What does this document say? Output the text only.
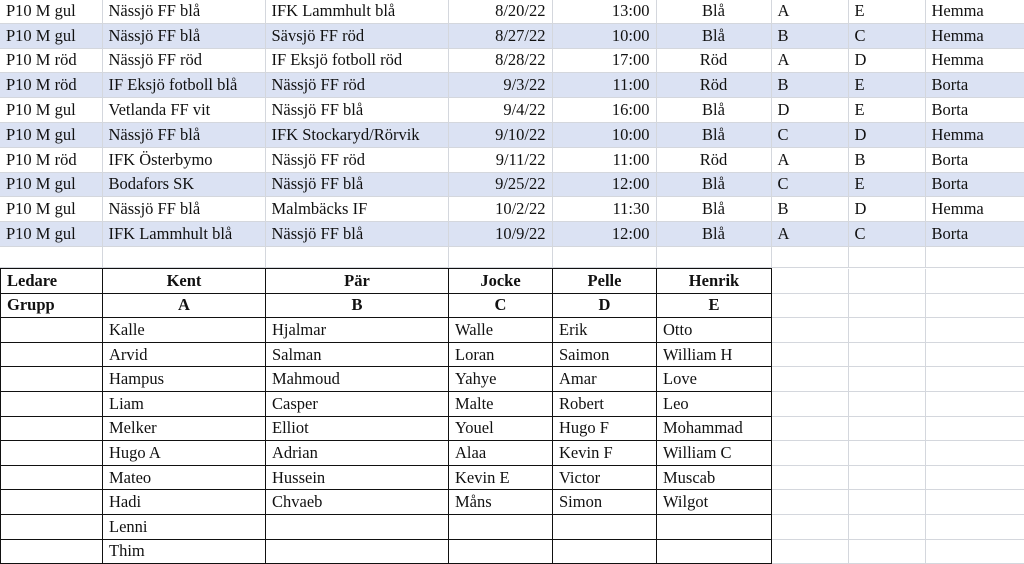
P10 M gul	Nässjö FF blå	IFK Lammhult blå	8/20/22	13:00	Blå	A	E	Hemma
P10 M gul	Nässjö FF blå	Sävsjö FF röd	8/27/22	10:00	Blå	B	C	Hemma
P10 M röd	Nässjö FF röd	IF Eksjö fotboll röd	8/28/22	17:00	Röd	A	D	Hemma
P10 M röd	IF Eksjö fotboll blå	Nässjö FF röd	9/3/22	11:00	Röd	B	E	Borta
P10 M gul	Vetlanda FF vit	Nässjö FF blå	9/4/22	16:00	Blå	D	E	Borta
P10 M gul	Nässjö FF blå	IFK Stockaryd/Rörvik	9/10/22	10:00	Blå	C	D	Hemma
P10 M röd	IFK Österbymo	Nässjö FF röd	9/11/22	11:00	Röd	A	B	Borta
P10 M gul	Bodafors SK	Nässjö FF blå	9/25/22	12:00	Blå	C	E	Borta
P10 M gul	Nässjö FF blå	Malmbäcks IF	10/2/22	11:30	Blå	B	D	Hemma
P10 M gul	IFK Lammhult blå	Nässjö FF blå	10/9/22	12:00	Blå	A	C	Borta

Ledare	Kent	Pär	Jocke	Pelle	Henrik			
Grupp	A	B	C	D	E			
	Kalle	Hjalmar	Walle	Erik	Otto			
	Arvid	Salman	Loran	Saimon	William H			
	Hampus	Mahmoud	Yahye	Amar	Love			
	Liam	Casper	Malte	Robert	Leo			
	Melker	Elliot	Youel	Hugo F	Mohammad			
	Hugo A	Adrian	Alaa	Kevin F	William C			
	Mateo	Hussein	Kevin E	Victor	Muscab			
	Hadi	Chvaeb	Måns	Simon	Wilgot			
	Lenni							
	Thim							
